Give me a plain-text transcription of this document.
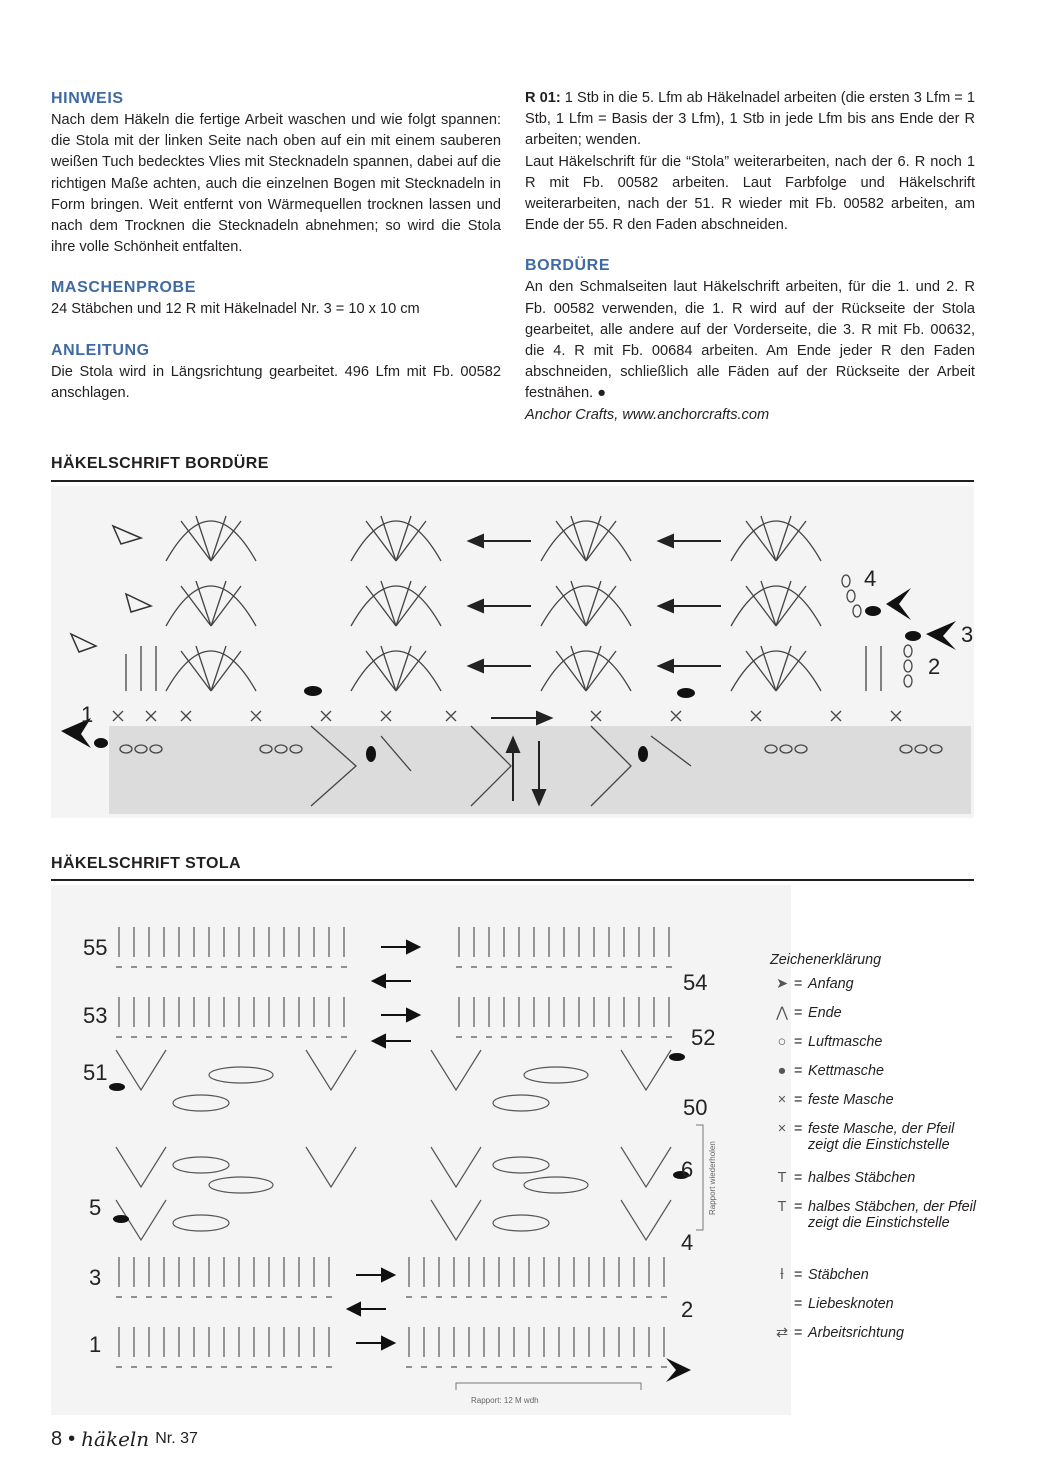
HINWEIS

Nach dem Häkeln die fertige Arbeit waschen und wie folgt spannen: die Stola mit der linken Seite nach oben auf ein mit einem sauberen weißen Tuch bedecktes Vlies mit Stecknadeln spannen, dabei auf die richtigen Maße achten, auch die einzelnen Bogen mit Stecknadeln in Form bringen. Weit entfernt von Wärmequellen trocknen lassen und nach dem Trocknen die Stecknadeln abnehmen; so wird die Stola ihre volle Schönheit entfalten.

MASCHENPROBE

24 Stäbchen und 12 R mit Häkelnadel Nr. 3 = 10 x 10 cm

ANLEITUNG

Die Stola wird in Längsrichtung gearbeitet. 496 Lfm mit Fb. 00582 anschlagen.

R 01: 1 Stb in die 5. Lfm ab Häkelnadel arbeiten (die ersten 3 Lfm = 1 Stb, 1 Lfm = Basis der 3 Lfm), 1 Stb in jede Lfm bis ans Ende der R arbeiten; wenden.

Laut Häkelschrift für die “Stola” weiterarbeiten, nach der 6. R noch 1 R mit Fb. 00582 arbeiten. Laut Farbfolge und Häkelschrift weiterarbeiten, nach der 51. R wieder mit Fb. 00582 arbeiten, am Ende der 55. R den Faden abschneiden.

BORDÜRE

An den Schmalseiten laut Häkelschrift arbeiten, für die 1. und 2. R Fb. 00582 verwenden, die 1. R wird auf der Rückseite der Stola gearbeitet, alle andere auf der Vorderseite, die 3. R mit Fb. 00632, die 4. R mit Fb. 00684 arbeiten. Am Ende jeder R den Faden abschneiden, schließlich alle Fäden auf der Rückseite der Arbeit festnähen. ●

Anchor Crafts, www.anchorcrafts.com

HÄKELSCHRIFT BORDÜRE
1
2
3
4
HÄKELSCHRIFT STOLA
55
53
51
5
3
1
54
52
50
6
4
2
Rapport wiederholen
Rapport: 12 M wdh
Zeichenerklärung
➤ = Anfang
⋀ = Ende
○ = Luftmasche
● = Kettmasche
× = feste Masche
× = feste Masche, der Pfeil zeigt die Einstichstelle
T = halbes Stäbchen
T = halbes Stäbchen, der Pfeil zeigt die Einstichstelle
ƚ = Stäbchen
= Liebesknoten
⇄ = Arbeitsrichtung
8 • häkeln Nr. 37
